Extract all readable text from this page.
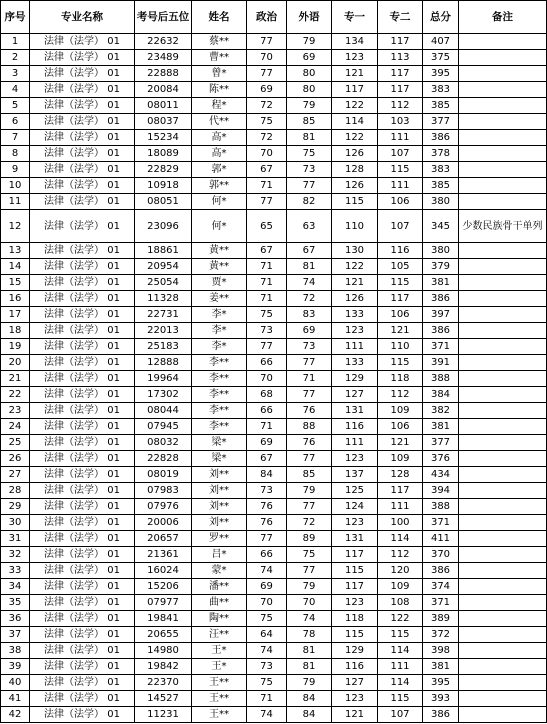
序号	专业名称	考号后五位	姓名	政治	外语	专一	专二	总分	备注
1	法律（法学） 01	22632	蔡**	77	79	134	117	407	
2	法律（法学） 01	23489	曹**	70	69	123	113	375	
3	法律（法学） 01	22888	曾*	77	80	121	117	395	
4	法律（法学） 01	20084	陈**	69	80	117	117	383	
5	法律（法学） 01	08011	程*	72	79	122	112	385	
6	法律（法学） 01	08037	代**	75	85	114	103	377	
7	法律（法学） 01	15234	高*	72	81	122	111	386	
8	法律（法学） 01	18089	高*	70	75	126	107	378	
9	法律（法学） 01	22829	郭*	67	73	128	115	383	
10	法律（法学） 01	10918	郭**	71	77	126	111	385	
11	法律（法学） 01	08051	何*	77	82	115	106	380	
12	法律（法学） 01	23096	何*	65	63	110	107	345	少数民族骨干单列
13	法律（法学） 01	18861	黄**	67	67	130	116	380	
14	法律（法学） 01	20954	黄**	71	81	122	105	379	
15	法律（法学） 01	25054	贾*	71	74	121	115	381	
16	法律（法学） 01	11328	姜**	71	72	126	117	386	
17	法律（法学） 01	22731	李*	75	83	133	106	397	
18	法律（法学） 01	22013	李*	73	69	123	121	386	
19	法律（法学） 01	25183	李*	77	73	111	110	371	
20	法律（法学） 01	12888	李**	66	77	133	115	391	
21	法律（法学） 01	19964	李**	70	71	129	118	388	
22	法律（法学） 01	17302	李**	68	77	127	112	384	
23	法律（法学） 01	08044	李**	66	76	131	109	382	
24	法律（法学） 01	07945	李**	71	88	116	106	381	
25	法律（法学） 01	08032	梁*	69	76	111	121	377	
26	法律（法学） 01	22828	梁*	67	77	123	109	376	
27	法律（法学） 01	08019	刘**	84	85	137	128	434	
28	法律（法学） 01	07983	刘**	73	79	125	117	394	
29	法律（法学） 01	07976	刘**	76	77	124	111	388	
30	法律（法学） 01	20006	刘**	76	72	123	100	371	
31	法律（法学） 01	20657	罗**	77	89	131	114	411	
32	法律（法学） 01	21361	吕*	66	75	117	112	370	
33	法律（法学） 01	16024	蒙*	74	77	115	120	386	
34	法律（法学） 01	15206	潘**	69	79	117	109	374	
35	法律（法学） 01	07977	曲**	70	70	123	108	371	
36	法律（法学） 01	19841	陶**	75	74	118	122	389	
37	法律（法学） 01	20655	汪**	64	78	115	115	372	
38	法律（法学） 01	14980	王*	74	81	129	114	398	
39	法律（法学） 01	19842	王*	73	81	116	111	381	
40	法律（法学） 01	22370	王**	75	79	127	114	395	
41	法律（法学） 01	14527	王**	71	84	123	115	393	
42	法律（法学） 01	11231	王**	74	84	121	107	386	
